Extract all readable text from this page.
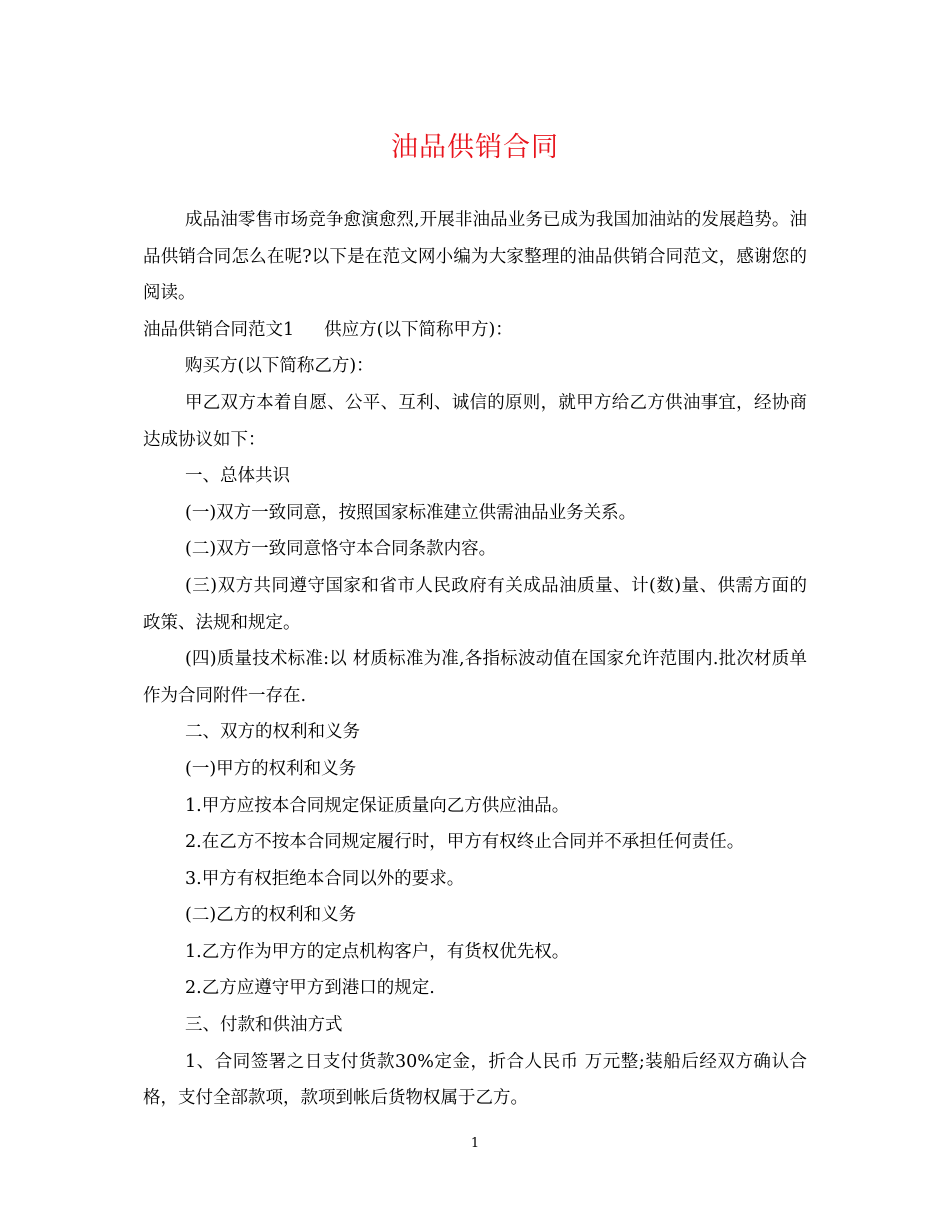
油品供销合同

成品油零售市场竞争愈演愈烈,开展非油品业务已成为我国加油站的发展趋势。油品供销合同怎么在呢?以下是在范文网小编为大家整理的油品供销合同范文，感谢您的阅读。

油品供销合同范文1 供应方(以下简称甲方)：

购买方(以下简称乙方)：

甲乙双方本着自愿、公平、互利、诚信的原则，就甲方给乙方供油事宜，经协商达成协议如下：

一、总体共识

(一)双方一致同意，按照国家标准建立供需油品业务关系。

(二)双方一致同意恪守本合同条款内容。

(三)双方共同遵守国家和省市人民政府有关成品油质量、计(数)量、供需方面的政策、法规和规定。

(四)质量技术标准:以 材质标准为准,各指标波动值在国家允许范围内.批次材质单作为合同附件一存在.

二、双方的权利和义务

(一)甲方的权利和义务

1.甲方应按本合同规定保证质量向乙方供应油品。

2.在乙方不按本合同规定履行时，甲方有权终止合同并不承担任何责任。

3.甲方有权拒绝本合同以外的要求。

(二)乙方的权利和义务

1.乙方作为甲方的定点机构客户，有货权优先权。

2.乙方应遵守甲方到港口的规定.

三、付款和供油方式

1、合同签署之日支付货款30%定金，折合人民币 万元整;装船后经双方确认合格，支付全部款项，款项到帐后货物权属于乙方。

1
